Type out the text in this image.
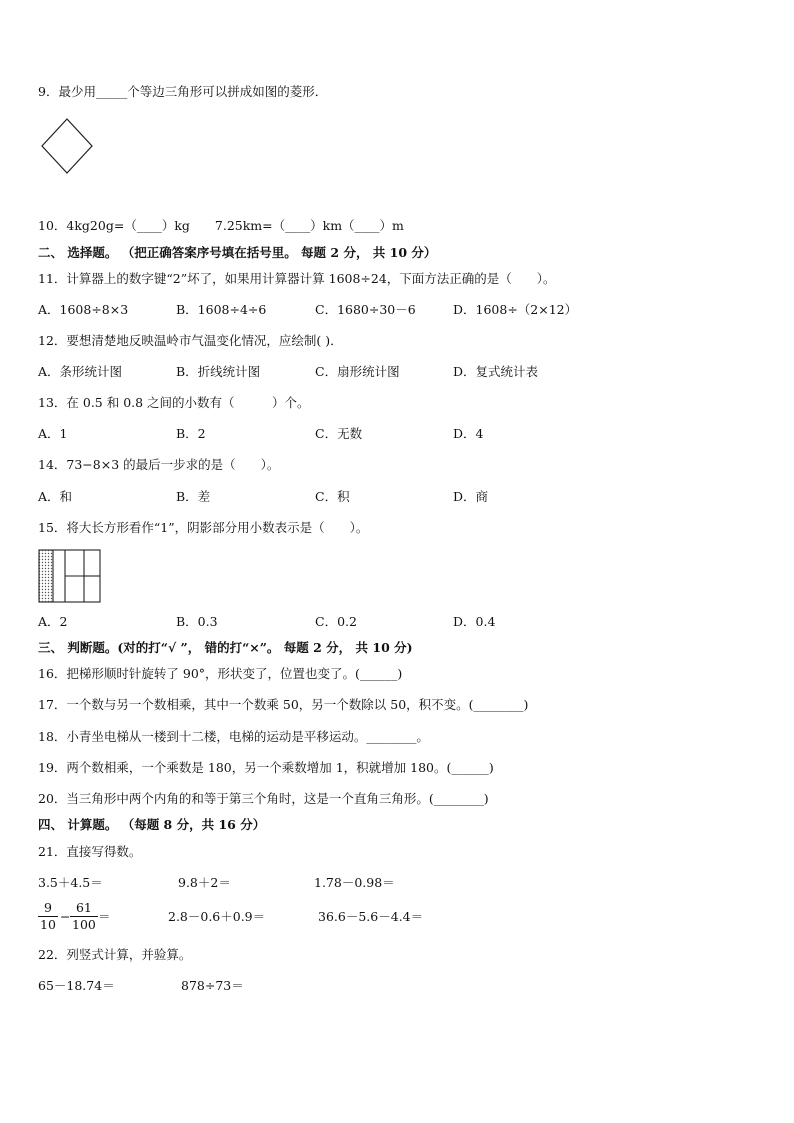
9．最少用_____个等边三角形可以拼成如图的菱形．
10．4kg20g=（____）kg　　7.25km=（____）km（____）m
二、 选择题。 （把正确答案序号填在括号里。 每题 2 分， 共 10 分）
11．计算器上的数字键“2”坏了，如果用计算器计算 1608÷24，下面方法正确的是（　　）。
A．1608÷8×3	B．1608÷4÷6	C．1680÷30－6	D．1608÷（2×12）
12．要想清楚地反映温岭市气温变化情况，应绘制( )．
A．条形统计图	B．折线统计图	C．扇形统计图	D．复式统计表
13．在 0.5 和 0.8 之间的小数有（　　　）个。
A．1	B．2	C．无数	D．4
14．73−8×3 的最后一步求的是（　　）。
A．和	B．差	C．积	D．商
15．将大长方形看作“1”，阴影部分用小数表示是（　　）。
A．2	B．0.3	C．0.2	D．0.4
三、 判断题。(对的打“√ ”， 错的打“×”。 每题 2 分， 共 10 分)
16．把梯形顺时针旋转了 90°，形状变了，位置也变了。(______)
17．一个数与另一个数相乘，其中一个数乘 50，另一个数除以 50，积不变。(________)
18．小青坐电梯从一楼到十二楼，电梯的运动是平移运动。________。
19．两个数相乘，一个乘数是 180，另一个乘数增加 1，积就增加 180。(______)
20．当三角形中两个内角的和等于第三个角时，这是一个直角三角形。(________)
四、 计算题。 （每题 8 分，共 16 分）
21．直接写得数。
3.5＋4.5＝	9.8＋2＝	1.78－0.98＝
$\frac{9}{10} - \frac{61}{100}$ ＝	2.8－0.6＋0.9＝	36.6－5.6－4.4＝
22．列竖式计算，并验算。
65－18.74＝	878÷73＝
